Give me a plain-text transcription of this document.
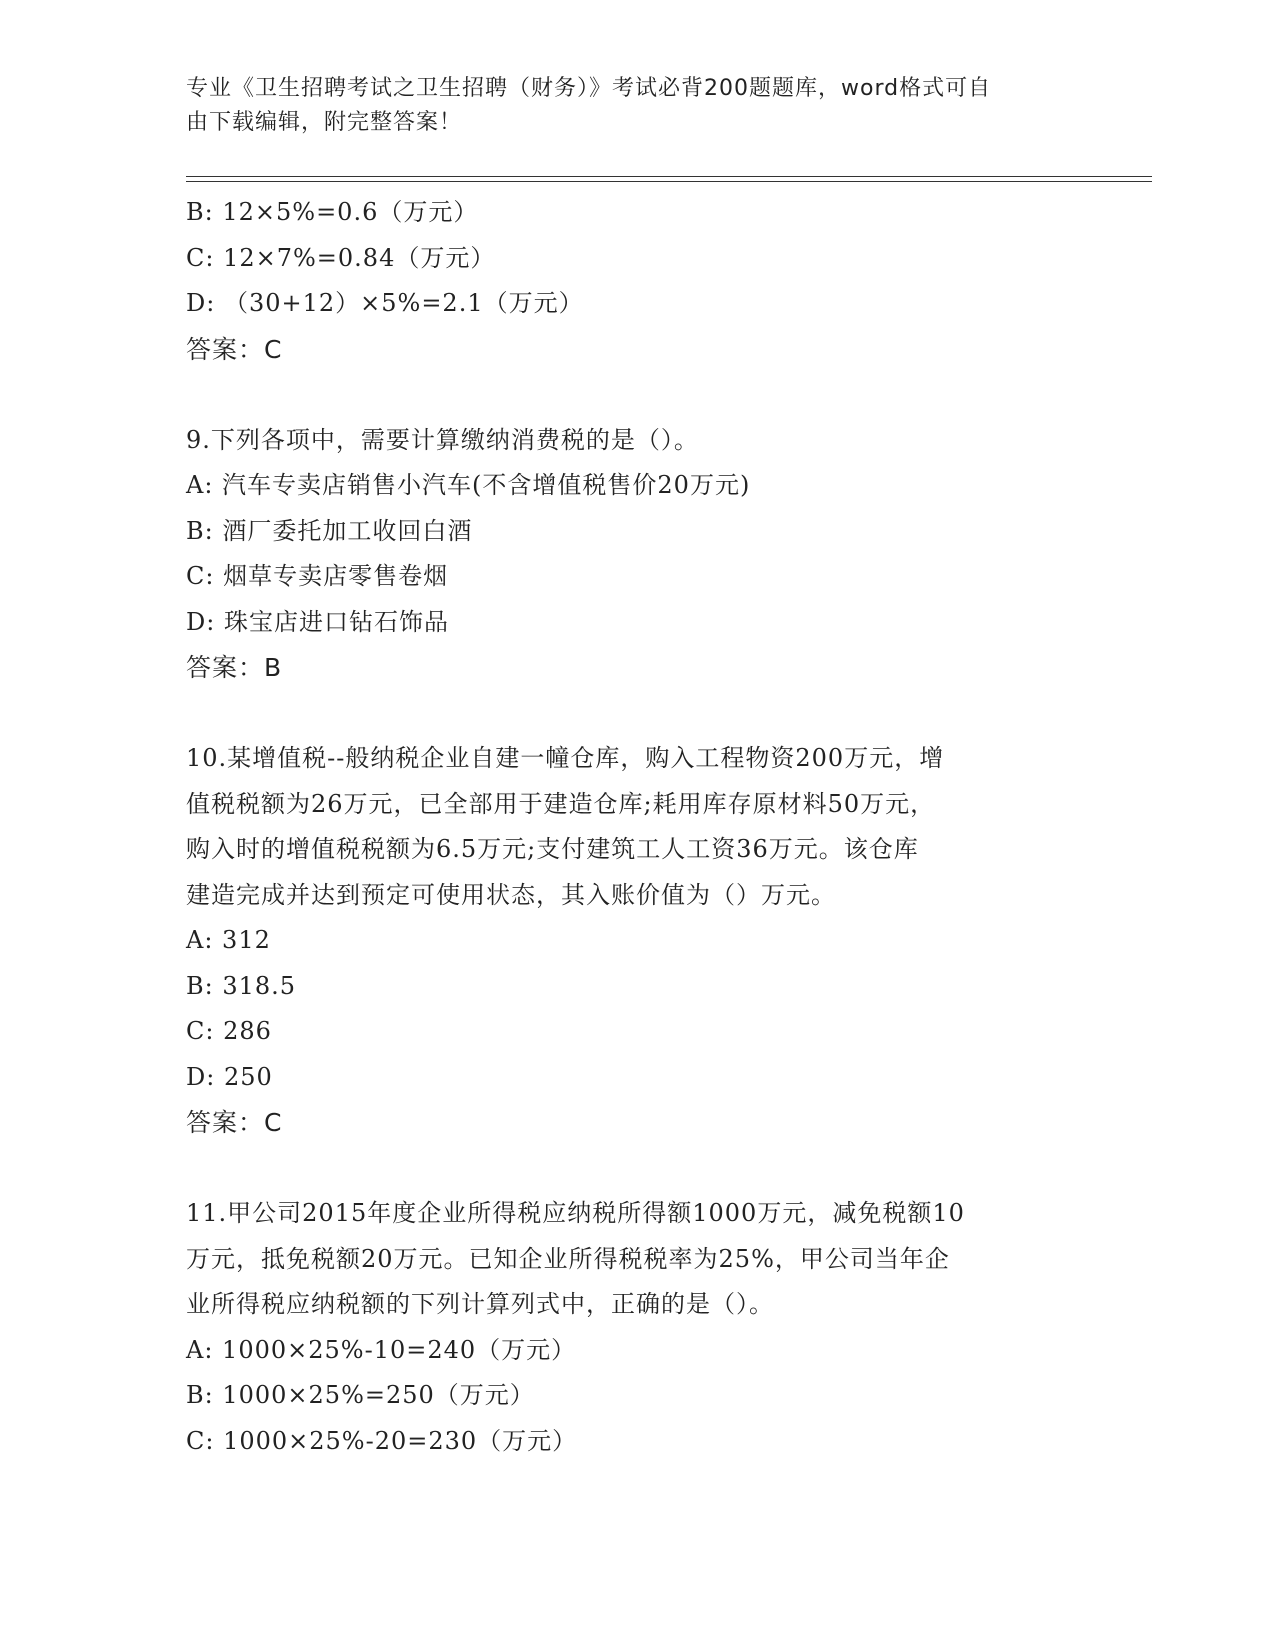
专业《卫生招聘考试之卫生招聘（财务）》考试必背200题题库，word格式可自
由下载编辑，附完整答案！
B: 12×5%=0.6（万元）
C: 12×7%=0.84（万元）
D: （30+12）×5%=2.1（万元）
答案：C
9.下列各项中，需要计算缴纳消费税的是（）。
A: 汽车专卖店销售小汽车(不含增值税售价20万元)
B: 酒厂委托加工收回白酒
C: 烟草专卖店零售卷烟
D: 珠宝店进口钻石饰品
答案：B
10.某增值税--般纳税企业自建一幢仓库，购入工程物资200万元，增
值税税额为26万元，已全部用于建造仓库;耗用库存原材料50万元，
购入时的增值税税额为6.5万元;支付建筑工人工资36万元。该仓库
建造完成并达到预定可使用状态，其入账价值为（）万元。
A: 312
B: 318.5
C: 286
D: 250
答案：C
11.甲公司2015年度企业所得税应纳税所得额1000万元，减免税额10
万元，抵免税额20万元。已知企业所得税税率为25%，甲公司当年企
业所得税应纳税额的下列计算列式中，正确的是（）。
A: 1000×25%-10=240（万元）
B: 1000×25%=250（万元）
C: 1000×25%-20=230（万元）
